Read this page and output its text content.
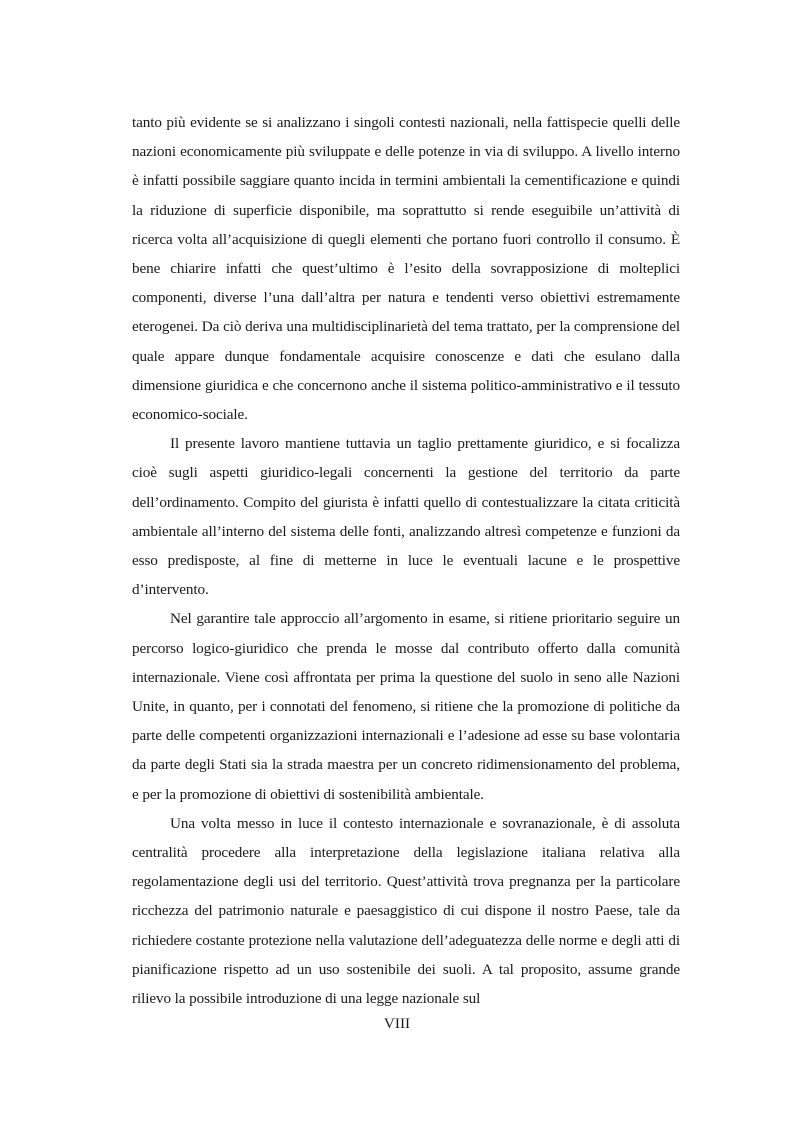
tanto più evidente se si analizzano i singoli contesti nazionali, nella fattispecie quelli delle nazioni economicamente più sviluppate e delle potenze in via di sviluppo. A livello interno è infatti possibile saggiare quanto incida in termini ambientali la cementificazione e quindi la riduzione di superficie disponibile, ma soprattutto si rende eseguibile un’attività di ricerca volta all’acquisizione di quegli elementi che portano fuori controllo il consumo. È bene chiarire infatti che quest’ultimo è l’esito della sovrapposizione di molteplici componenti, diverse l’una dall’altra per natura e tendenti verso obiettivi estremamente eterogenei. Da ciò deriva una multidisciplinarietà del tema trattato, per la comprensione del quale appare dunque fondamentale acquisire conoscenze e dati che esulano dalla dimensione giuridica e che concernono anche il sistema politico-amministrativo e il tessuto economico-sociale.

Il presente lavoro mantiene tuttavia un taglio prettamente giuridico, e si focalizza cioè sugli aspetti giuridico-legali concernenti la gestione del territorio da parte dell’ordinamento. Compito del giurista è infatti quello di contestualizzare la citata criticità ambientale all’interno del sistema delle fonti, analizzando altresì competenze e funzioni da esso predisposte, al fine di metterne in luce le eventuali lacune e le prospettive d’intervento.

Nel garantire tale approccio all’argomento in esame, si ritiene prioritario seguire un percorso logico-giuridico che prenda le mosse dal contributo offerto dalla comunità internazionale. Viene così affrontata per prima la questione del suolo in seno alle Nazioni Unite, in quanto, per i connotati del fenomeno, si ritiene che la promozione di politiche da parte delle competenti organizzazioni internazionali e l’adesione ad esse su base volontaria da parte degli Stati sia la strada maestra per un concreto ridimensionamento del problema, e per la promozione di obiettivi di sostenibilità ambientale.

Una volta messo in luce il contesto internazionale e sovranazionale, è di assoluta centralità procedere alla interpretazione della legislazione italiana relativa alla regolamentazione degli usi del territorio. Quest’attività trova pregnanza per la particolare ricchezza del patrimonio naturale e paesaggistico di cui dispone il nostro Paese, tale da richiedere costante protezione nella valutazione dell’adeguatezza delle norme e degli atti di pianificazione rispetto ad un uso sostenibile dei suoli. A tal proposito, assume grande rilievo la possibile introduzione di una legge nazionale sul

VIII
